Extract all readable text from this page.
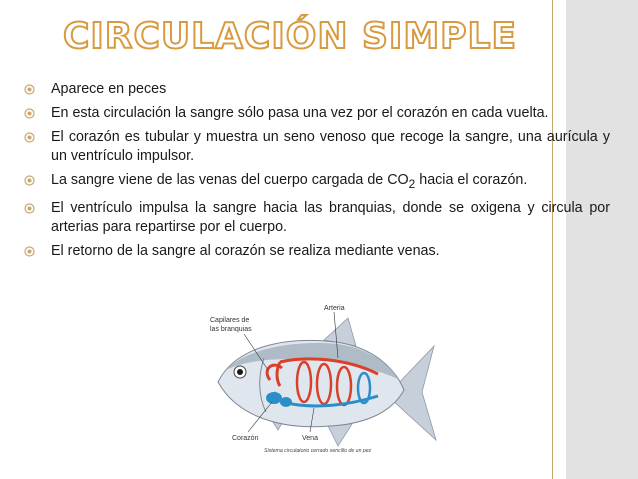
CIRCULACIÓN SIMPLE
Aparece en peces
En esta circulación la sangre sólo pasa una vez por el corazón en cada vuelta.
El corazón es tubular y muestra un seno venoso que recoge la sangre, una aurícula y un ventrículo impulsor.
La sangre viene de las venas del cuerpo cargada de $CO_2$ hacia el corazón.
El ventrículo impulsa la sangre hacia las branquias, donde se oxigena y circula por arterias para repartirse por el cuerpo.
El retorno de la sangre al corazón se realiza mediante venas.
Capilares de
las branquias
Arteria
Corazón	Vena
Sistema circulatorio cerrado sencillo de un pez
